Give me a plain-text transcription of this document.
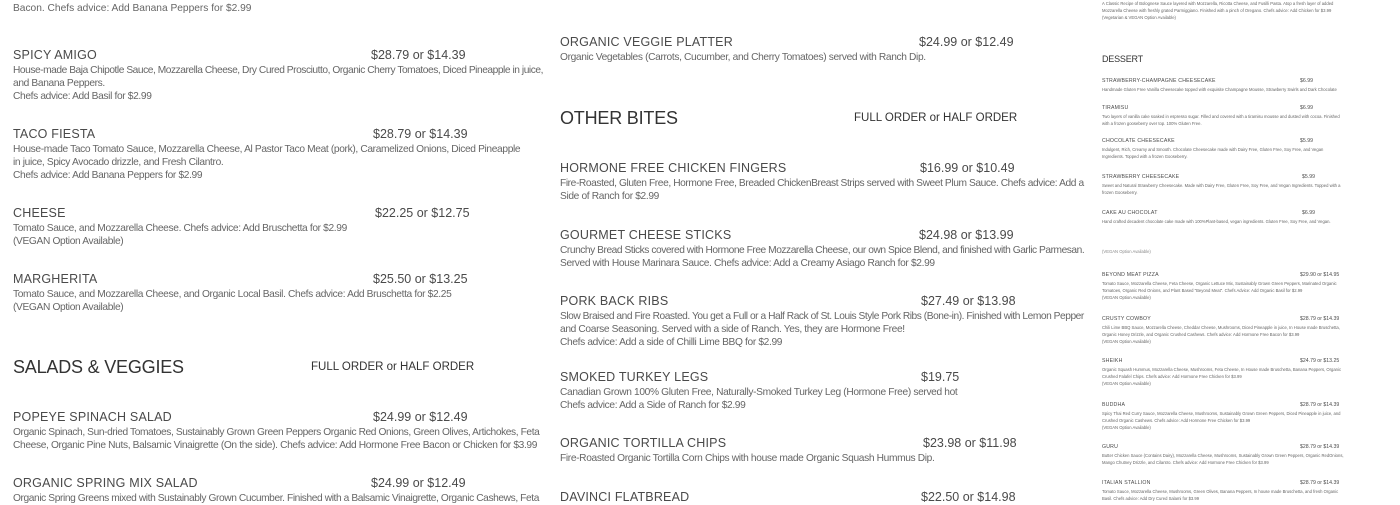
SPICY AMIGO	$28.79 or $14.39
House-made Baja Chipotle Sauce, Mozzarella Cheese, Dry Cured Prosciutto, Organic Cherry Tomatoes, Diced Pineapple in juice,
and Banana Peppers.
Chefs advice: Add Basil for $2.99
TACO FIESTA	$28.79 or $14.39
House-made Taco Tomato Sauce, Mozzarella Cheese, Al Pastor Taco Meat (pork), Caramelized Onions, Diced Pineapple
in juice, Spicy Avocado drizzle, and Fresh Cilantro.
Chefs advice: Add Banana Peppers for $2.99
CHEESE	$22.25 or $12.75
Tomato Sauce, and Mozzarella Cheese. Chefs advice: Add Bruschetta for $2.99
(VEGAN Option Available)
MARGHERITA	$25.50 or $13.25
Tomato Sauce, and Mozzarella Cheese, and Organic Local Basil. Chefs advice: Add Bruschetta for $2.25
(VEGAN Option Available)
POPEYE SPINACH SALAD	$24.99 or $12.49
Organic Spinach, Sun-dried Tomatoes, Sustainably Grown Green Peppers Organic Red Onions, Green Olives, Artichokes, Feta
Cheese, Organic Pine Nuts, Balsamic Vinaigrette (On the side). Chefs advice: Add Hormone Free Bacon or Chicken for $3.99
ORGANIC SPRING MIX SALAD	$24.99 or $12.49
Organic Spring Greens mixed with Sustainably Grown Cucumber. Finished with a Balsamic Vinaigrette, Organic Cashews, Feta
SALADS & VEGGIES	FULL ORDER or HALF ORDER
Bacon. Chefs advice: Add Banana Peppers for $2.99
ORGANIC VEGGIE PLATTER	$24.99 or $12.49
Organic Vegetables (Carrots, Cucumber, and Cherry Tomatoes) served with Ranch Dip.
HORMONE FREE CHICKEN FINGERS	$16.99 or $10.49
Fire-Roasted, Gluten Free, Hormone Free, Breaded ChickenBreast Strips served with Sweet Plum Sauce. Chefs advice: Add a
Side of Ranch for $2.99
GOURMET CHEESE STICKS	$24.98 or $13.99
Crunchy Bread Sticks covered with Hormone Free Mozzarella Cheese, our own Spice Blend, and finished with Garlic Parmesan.
Served with House Marinara Sauce. Chefs advice: Add a Creamy Asiago Ranch for $2.99
PORK BACK RIBS	$27.49 or $13.98
Slow Braised and Fire Roasted. You get a Full or a Half Rack of St. Louis Style Pork Ribs (Bone-in). Finished with Lemon Pepper
and Coarse Seasoning. Served with a side of Ranch. Yes, they are Hormone Free!
Chefs advice: Add a side of Chilli Lime BBQ for $2.99
SMOKED TURKEY LEGS	$19.75
Canadian Grown 100% Gluten Free, Naturally-Smoked Turkey Leg (Hormone Free) served hot
Chefs advice: Add a Side of Ranch for $2.99
ORGANIC TORTILLA CHIPS	$23.98 or $11.98
Fire-Roasted Organic Tortilla Corn Chips with house made Organic Squash Hummus Dip.
DAVINCI FLATBREAD	$22.50 or $14.98
OTHER BITES	FULL ORDER or HALF ORDER
STRAWBERRY-CHAMPAGNE CHEESECAKE	$6.99
Handmade Gluten Free Vanilla Cheesecake topped with exquisite Champagne Mousse, Strawberry Swirls and Dark Chocolate
TIRAMISU	$6.99
Two layers of vanilla cake soaked in espresso sugar. Filled and covered with a tiramisu mousse and dusted with cocoa. Finished
with a frozen gooseberry over top. 100% Gluten Free.
CHOCOLATE CHEESECAKE	$5.99
Indulgent, Rich, Creamy and Smooth. Chocolate Cheesecake made with Dairy Free, Gluten Free, Soy Free, and Vegan
Ingredients. Topped with a frozen Gooseberry.
STRAWBERRY CHEESECAKE	$5.99
Sweet and Natural Strawberry Cheesecake. Made with Dairy Free, Gluten Free, Soy Free, and Vegan Ingredients. Topped with a
frozen Gooseberry.
CAKE AU CHOCOLAT	$6.99
Hand crafted decadent chocolate cake made with 100%Plant-based, vegan ingredients. Gluten Free, Soy Free, and Vegan.
BEYOND MEAT PIZZA	$29.90 or $14.95
Tomato Sauce, Mozzarella Cheese, Feta Cheese, Organic Lettuce Mix, Sustainably Grown Green Peppers, Marinated Organic
Tomatoes, Organic Red Onions, and Plant Based "Beyond Meat". Chefs Advice: Add Organic Basil for $2.99
(VEGAN Option Available)
CRUSTY COWBOY	$28.79 or $14.39
Chili Lime BBQ Sauce, Mozzarella Cheese, Cheddar Cheese, Mushrooms, Diced Pineapple in juice, In House made Bruschetta,
Organic Honey Drizzle, and Organic Crushed Cashews. Chefs advice: Add Hormone Free Bacon for $3.99
(VEGAN Option Available)
SHEIKH	$24.79 or $13.25
Organic Squash Hummus, Mozzarella Cheese, Mushrooms, Feta Cheese, In House made Bruschetta, Banana Peppers, Organic
Crushed Falafel Chips. Chefs advice: Add Hormone Free Chicken for $3.99
(VEGAN Option Available)
BUDDHA	$28.79 or $14.39
Spicy Thai Red Curry Sauce, Mozzarella Cheese, Mushrooms, Sustainably Grown Green Peppers, Diced Pineapple in juice, and
Crushed Organic Cashews. Chefs advice: Add Hormone Free Chicken for $3.99
(VEGAN Option Available)
GURU	$28.79 or $14.39
Butter Chicken Sauce (Contains Dairy), Mozzarella Cheese, Mushrooms, Sustainably Grown Green Peppers, Organic RedOnions,
Mango Chutney Drizzle, and Cilantro. Chefs advice: Add Hormone Free Chicken for $3.99
ITALIAN STALLION	$28.79 or $14.39
Tomato Sauce, Mozzarella Cheese, Mushrooms, Green Olives, Banana Peppers, In house made Bruschetta, and fresh Organic
Basil. Chefs advice: Add Dry Cured Salami for $3.99
DESSERT
A Classic Recipe of Bolognese Sauce layered with Mozzarella, Ricotta Cheese, and Fusilli Pasta. Atop a fresh layer of added
Mozzarella Cheese with freshly grated Parmiggiano. Finished with a pinch of Oregano. Chefs advice: Add Chicken for $3.99
(Vegetarian & VEGAN Option Available)
(VEGAN Option Available)
